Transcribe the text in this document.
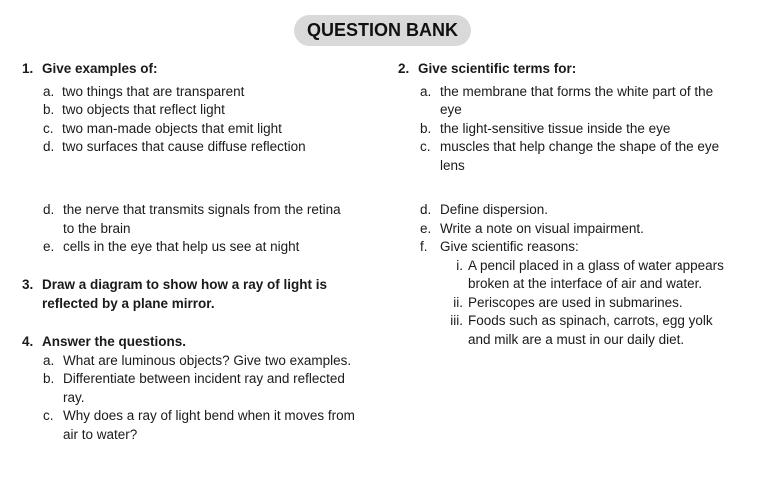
QUESTION BANK
1. Give examples of:
a. two things that are transparent
b. two objects that reflect light
c. two man-made objects that emit light
d. two surfaces that cause diffuse reflection
2. Give scientific terms for:
a. the membrane that forms the white part of the eye
b. the light-sensitive tissue inside the eye
c. muscles that help change the shape of the eye lens
d. the nerve that transmits signals from the retina to the brain
e. cells in the eye that help us see at night
3. Draw a diagram to show how a ray of light is reflected by a plane mirror.
4. Answer the questions.
a. What are luminous objects? Give two examples.
b. Differentiate between incident ray and reflected ray.
c. Why does a ray of light bend when it moves from air to water?
d. Define dispersion.
e. Write a note on visual impairment.
f. Give scientific reasons:
i. A pencil placed in a glass of water appears broken at the interface of air and water.
ii. Periscopes are used in submarines.
iii. Foods such as spinach, carrots, egg yolk and milk are a must in our daily diet.
